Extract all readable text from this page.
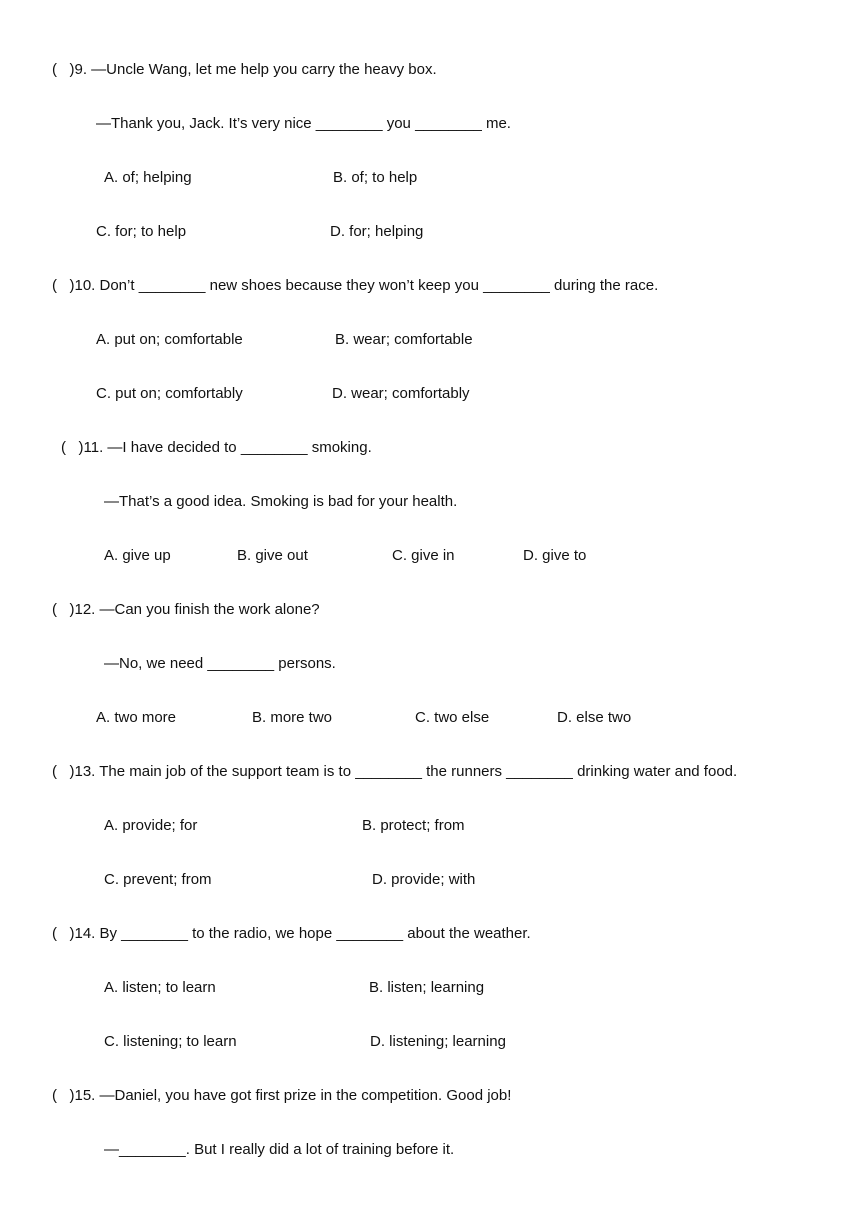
(   )9. —Uncle Wang, let me help you carry the heavy box.
—Thank you, Jack. It’s very nice ________ you ________ me.
A. of; helping	B. of; to help
C. for; to help	D. for; helping
(   )10. Don’t ________ new shoes because they won’t keep you ________ during the race.
A. put on; comfortable	B. wear; comfortable
C. put on; comfortably	D. wear; comfortably
(   )11. —I have decided to ________ smoking.
—That’s a good idea. Smoking is bad for your health.
A. give up	B. give out	C. give in	D. give to
(   )12. —Can you finish the work alone?
—No, we need ________ persons.
A. two more	B. more two	C. two else	D. else two
(   )13. The main job of the support team is to ________ the runners ________ drinking water and food.
A. provide; for	B. protect; from
C. prevent; from	D. provide; with
(   )14. By ________ to the radio, we hope ________ about the weather.
A. listen; to learn	B. listen; learning
C. listening; to learn	D. listening; learning
(   )15. —Daniel, you have got first prize in the competition. Good job!
—________. But I really did a lot of training before it.
